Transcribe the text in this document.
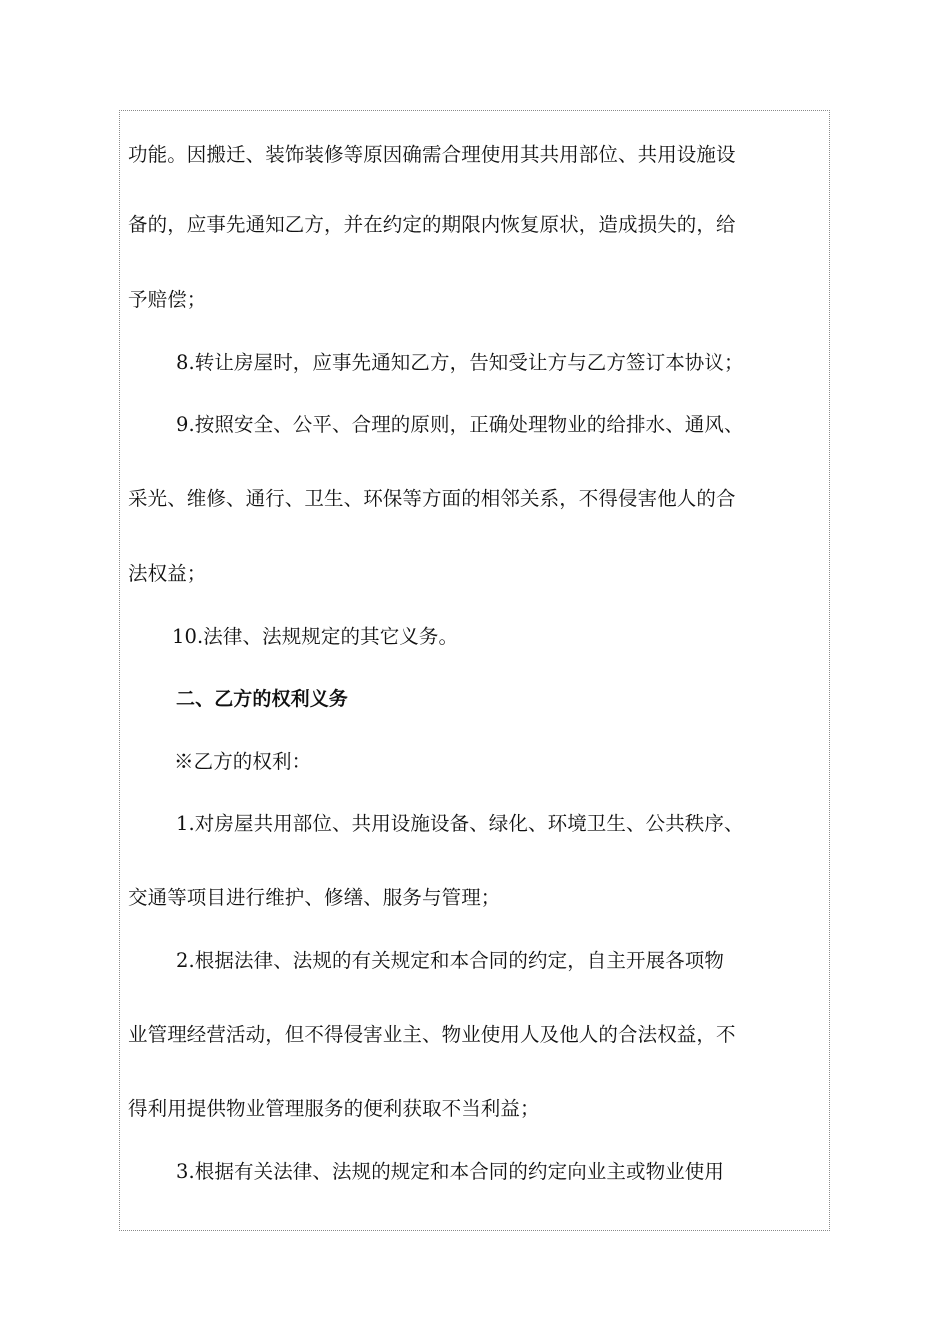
功能。因搬迁、装饰装修等原因确需合理使用其共用部位、共用设施设
备的，应事先通知乙方，并在约定的期限内恢复原状，造成损失的，给
予赔偿；
8.转让房屋时，应事先通知乙方，告知受让方与乙方签订本协议；
9.按照安全、公平、合理的原则，正确处理物业的给排水、通风、
采光、维修、通行、卫生、环保等方面的相邻关系，不得侵害他人的合
法权益；
10.法律、法规规定的其它义务。
二、乙方的权利义务
※乙方的权利：
1.对房屋共用部位、共用设施设备、绿化、环境卫生、公共秩序、
交通等项目进行维护、修缮、服务与管理；
2.根据法律、法规的有关规定和本合同的约定，自主开展各项物
业管理经营活动，但不得侵害业主、物业使用人及他人的合法权益，不
得利用提供物业管理服务的便利获取不当利益；
3.根据有关法律、法规的规定和本合同的约定向业主或物业使用
